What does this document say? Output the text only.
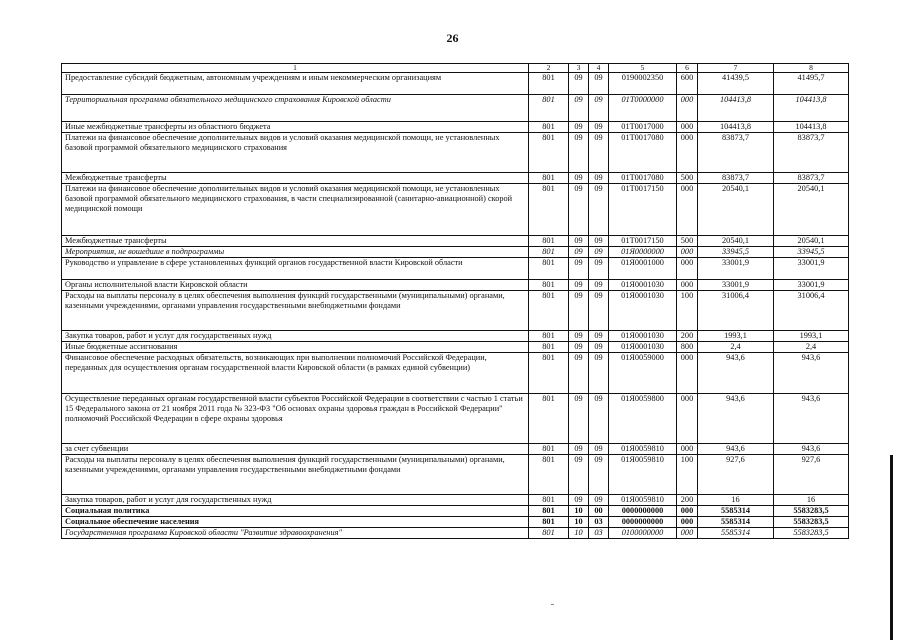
26
1	2	3	4	5	6	7	8
Предоставление субсидий бюджетным, автономным учреждениям и иным некоммерческим организациям	801	09	09	0190002350	600	41439,5	41495,7
Территориальная программа обязательного медицинского страхования Кировской области	801	09	09	01Т0000000	000	104413,8	104413,8
Иные межбюджетные трансферты из областного бюджета	801	09	09	01Т0017000	000	104413,8	104413,8
Платежи на финансовое обеспечение дополнительных видов и условий оказания медицинской помощи, не установленных базовой программой обязательного медицинского страхования	801	09	09	01Т0017080	000	83873,7	83873,7
Межбюджетные трансферты	801	09	09	01Т0017080	500	83873,7	83873,7
Платежи на финансовое обеспечение дополнительных видов и условий оказания медицинской помощи, не установленных базовой программой обязательного медицинского страхования, в части специализированной (санитарно-авиационной) скорой медицинской помощи	801	09	09	01Т0017150	000	20540,1	20540,1
Межбюджетные трансферты	801	09	09	01Т0017150	500	20540,1	20540,1
Мероприятия, не вошедшие в подпрограммы	801	09	09	01Я0000000	000	33945,5	33945,5
Руководство и управление в сфере установленных функций органов государственной власти Кировской области	801	09	09	01Я0001000	000	33001,9	33001,9
Органы исполнительной власти Кировской области	801	09	09	01Я0001030	000	33001,9	33001,9
Расходы на выплаты персоналу в целях обеспечения выполнения функций государственными (муниципальными) органами, казенными учреждениями, органами управления государственными внебюджетными фондами	801	09	09	01Я0001030	100	31006,4	31006,4
Закупка товаров, работ и услуг для государственных нужд	801	09	09	01Я0001030	200	1993,1	1993,1
Иные бюджетные ассигнования	801	09	09	01Я0001030	800	2,4	2,4
Финансовое обеспечение расходных обязательств, возникающих при выполнении полномочий Российской Федерации, переданных для осуществления органам государственной власти Кировской области (в рамках единой субвенции)	801	09	09	01Я0059000	000	943,6	943,6
Осуществление переданных органам государственной власти субъектов Российской Федерации в соответствии с частью 1 статьи 15 Федерального закона от 21 ноября 2011 года № 323-ФЗ "Об основах охраны здоровья граждан в Российской Федерации" полномочий Российской Федерации в сфере охраны здоровья	801	09	09	01Я0059800	000	943,6	943,6
за счет субвенции	801	09	09	01Я0059810	000	943,6	943,6
Расходы на выплаты персоналу в целях обеспечения выполнения функций государственными (муниципальными) органами, казенными учреждениями, органами управления государственными внебюджетными фондами	801	09	09	01Я0059810	100	927,6	927,6
Закупка товаров, работ и услуг для государственных нужд	801	09	09	01Я0059810	200	16	16
Социальная политика	801	10	00	0000000000	000	5585314	5583283,5
Социальное обеспечение населения	801	10	03	0000000000	000	5585314	5583283,5
Государственная программа Кировской области "Развитие здравоохранения"	801	10	03	0100000000	000	5585314	5583283,5
